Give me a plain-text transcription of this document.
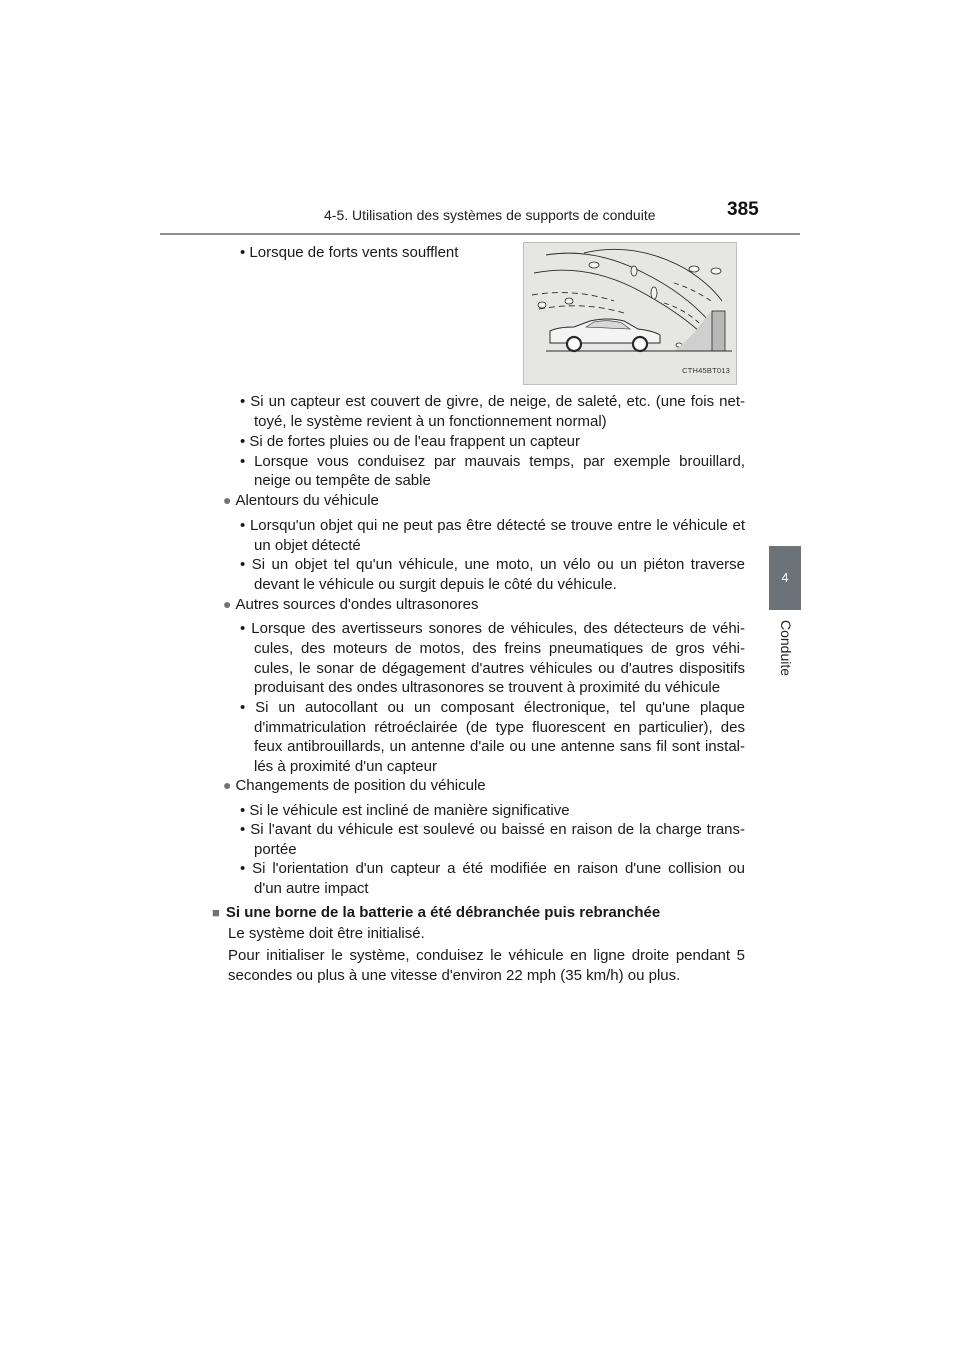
4-5. Utilisation des systèmes de supports de conduite	385
4
Conduite
CTH45BT013
• Lorsque de forts vents soufflent
• Si un capteur est couvert de givre, de neige, de saleté, etc. (une fois net-
toyé, le système revient à un fonctionnement normal)
• Si de fortes pluies ou de l'eau frappent un capteur
• Lorsque vous conduisez par mauvais temps, par exemple brouillard,
neige ou tempête de sable
● Alentours du véhicule
• Lorsqu'un objet qui ne peut pas être détecté se trouve entre le véhicule et
un objet détecté
• Si un objet tel qu'un véhicule, une moto, un vélo ou un piéton traverse
devant le véhicule ou surgit depuis le côté du véhicule.
● Autres sources d'ondes ultrasonores
• Lorsque des avertisseurs sonores de véhicules, des détecteurs de véhi-
cules, des moteurs de motos, des freins pneumatiques de gros véhi-
cules, le sonar de dégagement d'autres véhicules ou d'autres dispositifs
produisant des ondes ultrasonores se trouvent à proximité du véhicule
• Si un autocollant ou un composant électronique, tel qu'une plaque
d'immatriculation rétroéclairée (de type fluorescent en particulier), des
feux antibrouillards, un antenne d'aile ou une antenne sans fil sont instal-
lés à proximité d'un capteur
● Changements de position du véhicule
• Si le véhicule est incliné de manière significative
• Si l'avant du véhicule est soulevé ou baissé en raison de la charge trans-
portée
• Si l'orientation d'un capteur a été modifiée en raison d'une collision ou
d'un autre impact
■ Si une borne de la batterie a été débranchée puis rebranchée
Le système doit être initialisé.
Pour initialiser le système, conduisez le véhicule en ligne droite pendant 5
secondes ou plus à une vitesse d'environ 22 mph (35 km/h) ou plus.
